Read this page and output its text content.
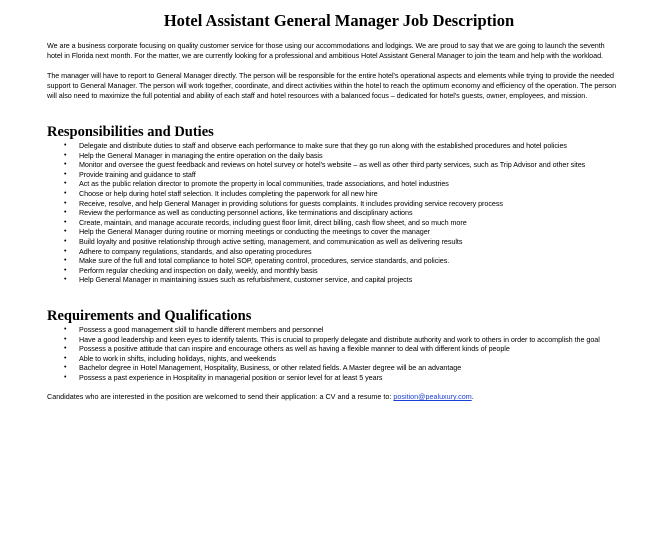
Hotel Assistant General Manager Job Description

We are a business corporate focusing on quality customer service for those using our accommodations and lodgings. We are proud to say that we are going to launch the seventh hotel in Florida next month. For the matter, we are currently looking for a professional and ambitious Hotel Assistant General Manager to join the team and help with the workload.

The manager will have to report to General Manager directly. The person will be responsible for the entire hotel's operational aspects and elements while trying to provide the needed support to General Manager. The person will work together, coordinate, and direct activities within the hotel to reach the optimum economy and efficiency of the operation. The person will also need to maximize the full potential and ability of each staff and hotel resources with a balanced focus – dedicated for hotel's guests, owner, employees, and mission.

Responsibilities and Duties
• Delegate and distribute duties to staff and observe each performance to make sure that they go run along with the established procedures and hotel policies
• Help the General Manager in managing the entire operation on the daily basis
• Monitor and oversee the guest feedback and reviews on hotel survey or hotel's website – as well as other third party services, such as Trip Advisor and other sites
• Provide training and guidance to staff
• Act as the public relation director to promote the property in local communities, trade associations, and hotel industries
• Choose or help during hotel staff selection. It includes completing the paperwork for all new hire
• Receive, resolve, and help General Manager in providing solutions for guests complaints. It includes providing service recovery process
• Review the performance as well as conducting personnel actions, like terminations and disciplinary actions
• Create, maintain, and manage accurate records, including guest floor limit, direct billing, cash flow sheet, and so much more
• Help the General Manager during routine or morning meetings or conducting the meetings to cover the manager
• Build loyalty and positive relationship through active setting, management, and communication as well as delivering results
• Adhere to company regulations, standards, and also operating procedures
• Make sure of the full and total compliance to hotel SOP, operating control, procedures, service standards, and policies.
• Perform regular checking and inspection on daily, weekly, and monthly basis
• Help General Manager in maintaining issues such as refurbishment, customer service, and capital projects
Requirements and Qualifications
• Possess a good management skill to handle different members and personnel
• Have a good leadership and keen eyes to identify talents. This is crucial to properly delegate and distribute authority and work to others in order to accomplish the goal
• Possess a positive attitude that can inspire and encourage others as well as having a flexible manner to deal with different kinds of people
• Able to work in shifts, including holidays, nights, and weekends
• Bachelor degree in Hotel Management, Hospitality, Business, or other related fields. A Master degree will be an advantage
• Possess a past experience in Hospitality in managerial position or senior level for at least 5 years

Candidates who are interested in the position are welcomed to send their application: a CV and a resume to: position@pealuxury.com.
